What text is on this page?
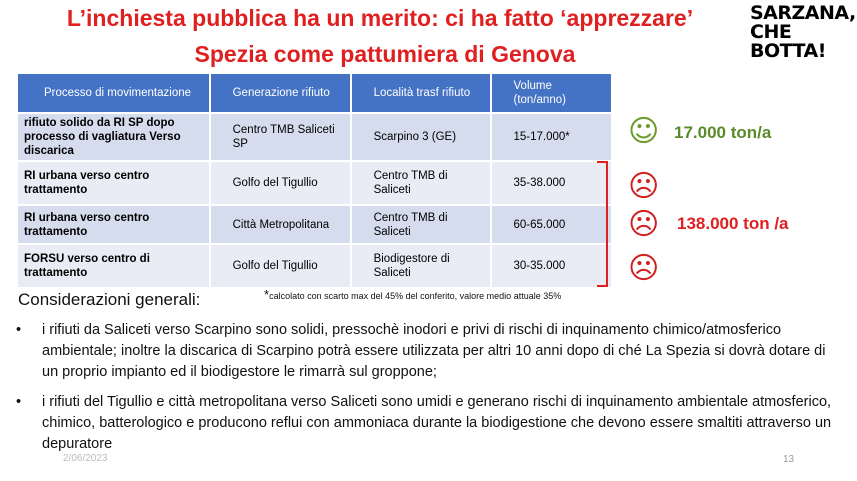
L’inchiesta pubblica ha un merito: ci ha fatto ‘apprezzare’
Spezia come pattumiera di Genova
SARZANA,
CHE BOTTA!
Processo di movimentazione	Generazione rifiuto	Località trasf rifiuto	Volume (ton/anno)
rifiuto solido da RI SP dopo processo di vagliatura Verso discarica	Centro TMB Saliceti SP	Scarpino 3 (GE)	15-17.000*
RI urbana verso centro trattamento	Golfo del Tigullio	Centro TMB di Saliceti	35-38.000
RI urbana verso centro trattamento	Città Metropolitana	Centro TMB di Saliceti	60-65.000
FORSU verso centro di trattamento	Golfo del Tigullio	Biodigestore di Saliceti	30-35.000
☺
☹
☹
☹
17.000 ton/a
138.000 ton /a
Considerazioni generali:	*calcolato con scarto max del 45% del conferito, valore medio attuale 35%
• i rifiuti da Saliceti verso Scarpino sono solidi, pressochè inodori e privi di rischi di inquinamento chimico/atmosferico ambientale; inoltre la discarica di Scarpino potrà essere utilizzata per altri 10 anni dopo di ché La Spezia si dovrà dotare di un proprio impianto ed il biodigestore le rimarrà sul groppone;
• i rifiuti del Tigullio e città metropolitana verso Saliceti sono umidi e generano rischi di inquinamento ambientale atmosferico, chimico, batterologico e producono reflui con ammoniaca durante la biodigestione che devono essere smaltiti attraverso un depuratore
2/06/2023	13
